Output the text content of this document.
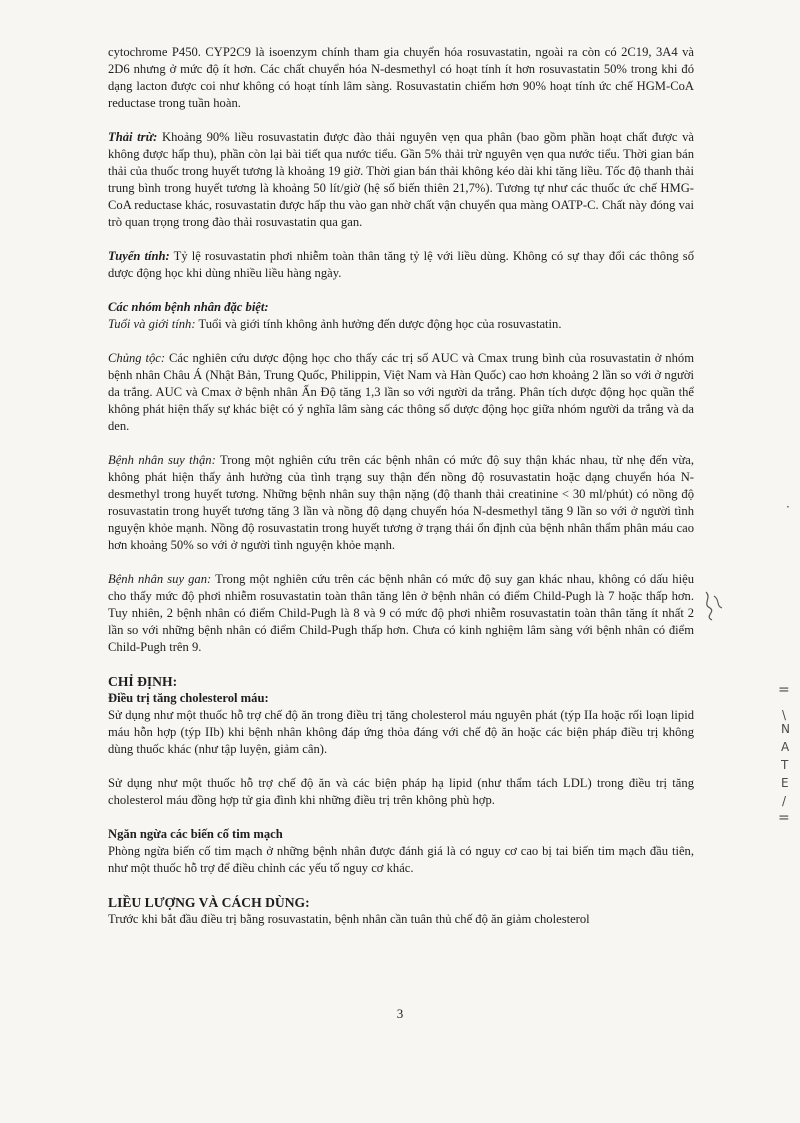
cytochrome P450. CYP2C9 là isoenzym chính tham gia chuyển hóa rosuvastatin, ngoài ra còn có 2C19, 3A4 và 2D6 nhưng ở mức độ ít hơn. Các chất chuyển hóa N-desmethyl có hoạt tính ít hơn rosuvastatin 50% trong khi đó dạng lacton được coi như không có hoạt tính lâm sàng. Rosuvastatin chiếm hơn 90% hoạt tính ức chế HGM-CoA reductase trong tuần hoàn.

Thải trừ: Khoảng 90% liều rosuvastatin được đào thải nguyên vẹn qua phân (bao gồm phần hoạt chất được và không được hấp thu), phần còn lại bài tiết qua nước tiểu. Gần 5% thải trừ nguyên vẹn qua nước tiểu. Thời gian bán thải của thuốc trong huyết tương là khoảng 19 giờ. Thời gian bán thải không kéo dài khi tăng liều. Tốc độ thanh thải trung bình trong huyết tương là khoảng 50 lít/giờ (hệ số biến thiên 21,7%). Tương tự như các thuốc ức chế HMG-CoA reductase khác, rosuvastatin được hấp thu vào gan nhờ chất vận chuyển qua màng OATP-C. Chất này đóng vai trò quan trọng trong đào thải rosuvastatin qua gan.

Tuyến tính: Tỷ lệ rosuvastatin phơi nhiễm toàn thân tăng tỷ lệ với liều dùng. Không có sự thay đổi các thông số dược động học khi dùng nhiều liều hàng ngày.

Các nhóm bệnh nhân đặc biệt:

Tuổi và giới tính: Tuổi và giới tính không ảnh hưởng đến dược động học của rosuvastatin.

Chủng tộc: Các nghiên cứu dược động học cho thấy các trị số AUC và Cmax trung bình của rosuvastatin ở nhóm bệnh nhân Châu Á (Nhật Bản, Trung Quốc, Philippin, Việt Nam và Hàn Quốc) cao hơn khoảng 2 lần so với ở người da trắng. AUC và Cmax ở bệnh nhân Ấn Độ tăng 1,3 lần so với người da trắng. Phân tích dược động học quần thể không phát hiện thấy sự khác biệt có ý nghĩa lâm sàng các thông số dược động học giữa nhóm người da trắng và da den.

Bệnh nhân suy thận: Trong một nghiên cứu trên các bệnh nhân có mức độ suy thận khác nhau, từ nhẹ đến vừa, không phát hiện thấy ảnh hưởng của tình trạng suy thận đến nồng độ rosuvastatin hoặc dạng chuyển hóa N-desmethyl trong huyết tương. Những bệnh nhân suy thận nặng (độ thanh thải creatinine < 30 ml/phút) có nồng độ rosuvastatin trong huyết tương tăng 3 lần và nồng độ dạng chuyển hóa N-desmethyl tăng 9 lần so với ở người tình nguyện khỏe mạnh. Nồng độ rosuvastatin trong huyết tương ở trạng thái ổn định của bệnh nhân thẩm phân máu cao hơn khoảng 50% so với ở người tình nguyện khỏe mạnh.

Bệnh nhân suy gan: Trong một nghiên cứu trên các bệnh nhân có mức độ suy gan khác nhau, không có dấu hiệu cho thấy mức độ phơi nhiễm rosuvastatin toàn thân tăng lên ở bệnh nhân có điểm Child-Pugh là 7 hoặc thấp hơn. Tuy nhiên, 2 bệnh nhân có điểm Child-Pugh là 8 và 9 có mức độ phơi nhiễm rosuvastatin toàn thân tăng ít nhất 2 lần so với những bệnh nhân có điểm Child-Pugh thấp hơn. Chưa có kinh nghiệm lâm sàng với bệnh nhân có điểm Child-Pugh trên 9.

CHỈ ĐỊNH:

Điều trị tăng cholesterol máu:

Sử dụng như một thuốc hỗ trợ chế độ ăn trong điều trị tăng cholesterol máu nguyên phát (týp IIa hoặc rối loạn lipid máu hỗn hợp (týp IIb) khi bệnh nhân không đáp ứng thỏa đáng với chế độ ăn hoặc các biện pháp điều trị không dùng thuốc khác (như tập luyện, giảm cân).

Sử dụng như một thuốc hỗ trợ chế độ ăn và các biện pháp hạ lipid (như thẩm tách LDL) trong điều trị tăng cholesterol máu đồng hợp tử gia đình khi những điều trị trên không phù hợp.

Ngăn ngừa các biến cố tim mạch

Phòng ngừa biến cố tim mạch ở những bệnh nhân được đánh giá là có nguy cơ cao bị tai biến tim mạch đầu tiên, như một thuốc hỗ trợ để điều chỉnh các yếu tố nguy cơ khác.

LIỀU LƯỢNG VÀ CÁCH DÙNG:

Trước khi bắt đầu điều trị bằng rosuvastatin, bệnh nhân cần tuân thủ chế độ ăn giảm cholesterol

3
·
=
\
N
A
T
E
/
=
